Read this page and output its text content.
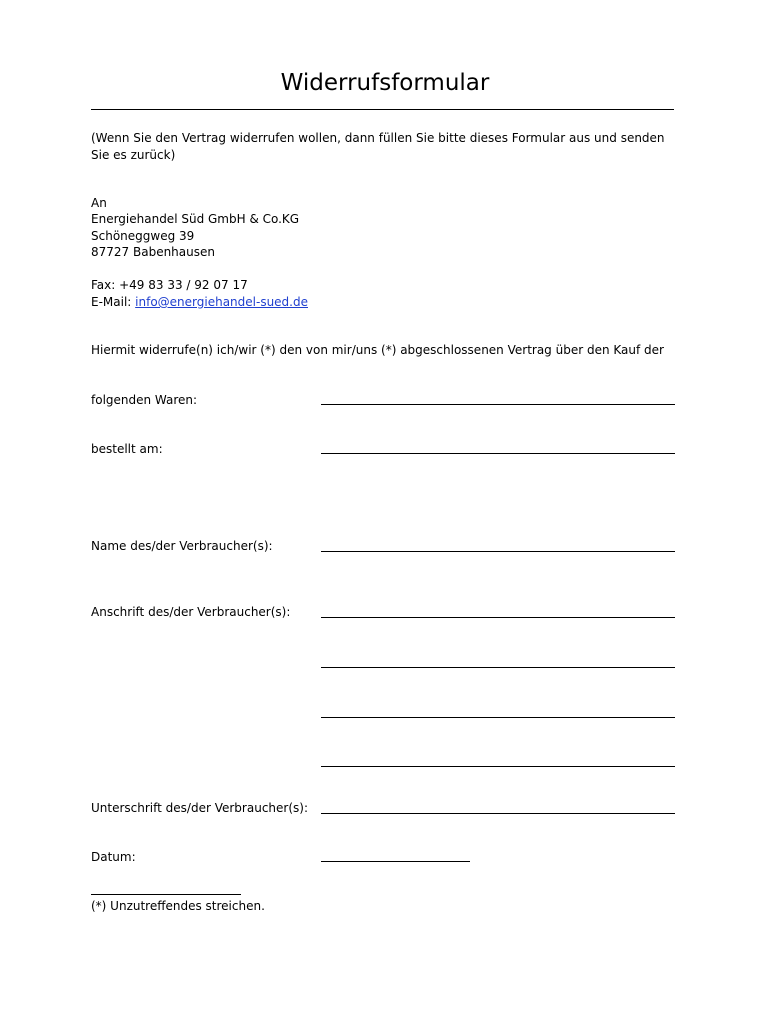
Widerrufsformular
(Wenn Sie den Vertrag widerrufen wollen, dann füllen Sie bitte dieses Formular aus und senden Sie es zurück)
An
Energiehandel Süd GmbH & Co.KG
Schöneggweg 39
87727 Babenhausen
Fax: +49 83 33 / 92 07 17
E-Mail: info@energiehandel-sued.de
Hiermit widerrufe(n) ich/wir (*) den von mir/uns (*) abgeschlossenen Vertrag über den Kauf der
folgenden Waren:
bestellt am:
Name des/der Verbraucher(s):
Anschrift des/der Verbraucher(s):
Unterschrift des/der Verbraucher(s):
Datum:
(*) Unzutreffendes streichen.
